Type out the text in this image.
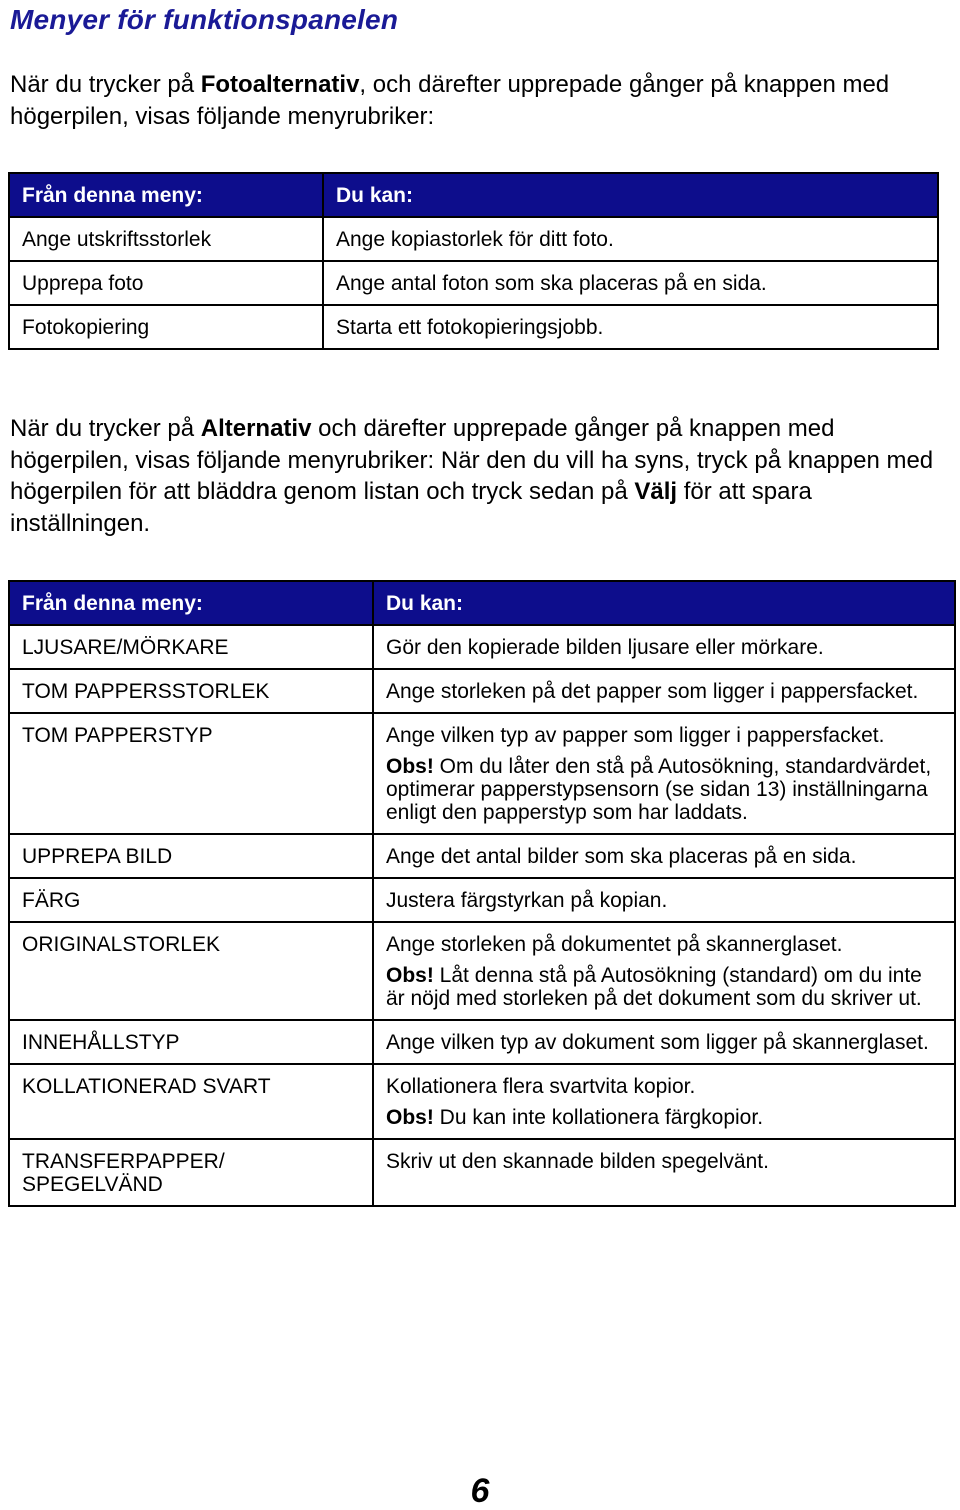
Menyer för funktionspanelen

När du trycker på Fotoalternativ, och därefter upprepade gånger på knappen med högerpilen, visas följande menyrubriker:

Från denna meny:	Du kan:
Ange utskriftsstorlek	Ange kopiastorlek för ditt foto.
Upprepa foto	Ange antal foton som ska placeras på en sida.
Fotokopiering	Starta ett fotokopieringsjobb.

När du trycker på Alternativ och därefter upprepade gånger på knappen med högerpilen, visas följande menyrubriker: När den du vill ha syns, tryck på knappen med högerpilen för att bläddra genom listan och tryck sedan på Välj för att spara inställningen.

Från denna meny:	Du kan:
LJUSARE/MÖRKARE	Gör den kopierade bilden ljusare eller mörkare.
TOM PAPPERSSTORLEK	Ange storleken på det papper som ligger i pappersfacket.
TOM PAPPERSTYP	Ange vilken typ av papper som ligger i pappersfacket.
Obs! Om du låter den stå på Autosökning, standardvärdet, optimerar papperstypsensorn (se sidan 13) inställningarna enligt den papperstyp som har laddats.

UPPREPA BILD	Ange det antal bilder som ska placeras på en sida.
FÄRG	Justera färgstyrkan på kopian.
ORIGINALSTORLEK	Ange storleken på dokumentet på skannerglaset.
Obs! Låt denna stå på Autosökning (standard) om du inte är nöjd med storleken på det dokument som du skriver ut.

INNEHÅLLSTYP	Ange vilken typ av dokument som ligger på skannerglaset.
KOLLATIONERAD SVART	Kollationera flera svartvita kopior.
Obs! Du kan inte kollationera färgkopior.

TRANSFERPAPPER/ SPEGELVÄND	Skriv ut den skannade bilden spegelvänt.
6
